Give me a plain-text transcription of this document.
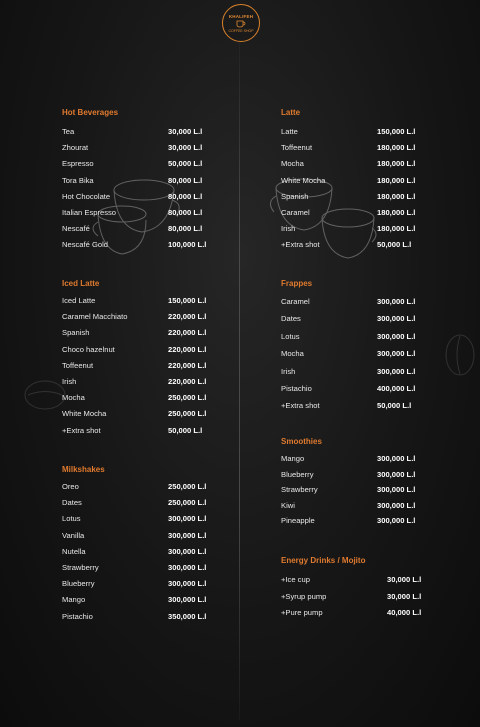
KHALIFEH
COFFEE SHOP
Hot Beverages
Tea	30,000 L.l
Zhourat	30,000 L.l
Espresso	50,000 L.l
Tora Bika	80,000 L.l
Hot Chocolate	80,000 L.l
Italian Espresso	80,000 L.l
Nescafé	80,000 L.l
Nescafé Gold	100,000 L.l
Iced Latte
Iced Latte	150,000 L.l
Caramel Macchiato	220,000 L.l
Spanish	220,000 L.l
Choco hazelnut	220,000 L.l
Toffeenut	220,000 L.l
Irish	220,000 L.l
Mocha	250,000 L.l
White Mocha	250,000 L.l
+Extra shot	50,000 L.l
Milkshakes
Oreo	250,000 L.l
Dates	250,000 L.l
Lotus	300,000 L.l
Vanilla	300,000 L.l
Nutella	300,000 L.l
Strawberry	300,000 L.l
Blueberry	300,000 L.l
Mango	300,000 L.l
Pistachio	350,000 L.l
Latte
Latte	150,000 L.l
Toffeenut	180,000 L.l
Mocha	180,000 L.l
White Mocha	180,000 L.l
Spanish	180,000 L.l
Caramel	180,000 L.l
Irish	180,000 L.l
+Extra shot	50,000 L.l
Frappes
Caramel	300,000 L.l
Dates	300,000 L.l
Lotus	300,000 L.l
Mocha	300,000 L.l
Irish	300,000 L.l
Pistachio	400,000 L.l
+Extra shot	50,000 L.l
Smoothies
Mango	300,000 L.l
Blueberry	300,000 L.l
Strawberry	300,000 L.l
Kiwi	300,000 L.l
Pineapple	300,000 L.l
Energy Drinks / Mojito
+Ice cup	30,000 L.l
+Syrup pump	30,000 L.l
+Pure pump	40,000 L.l
